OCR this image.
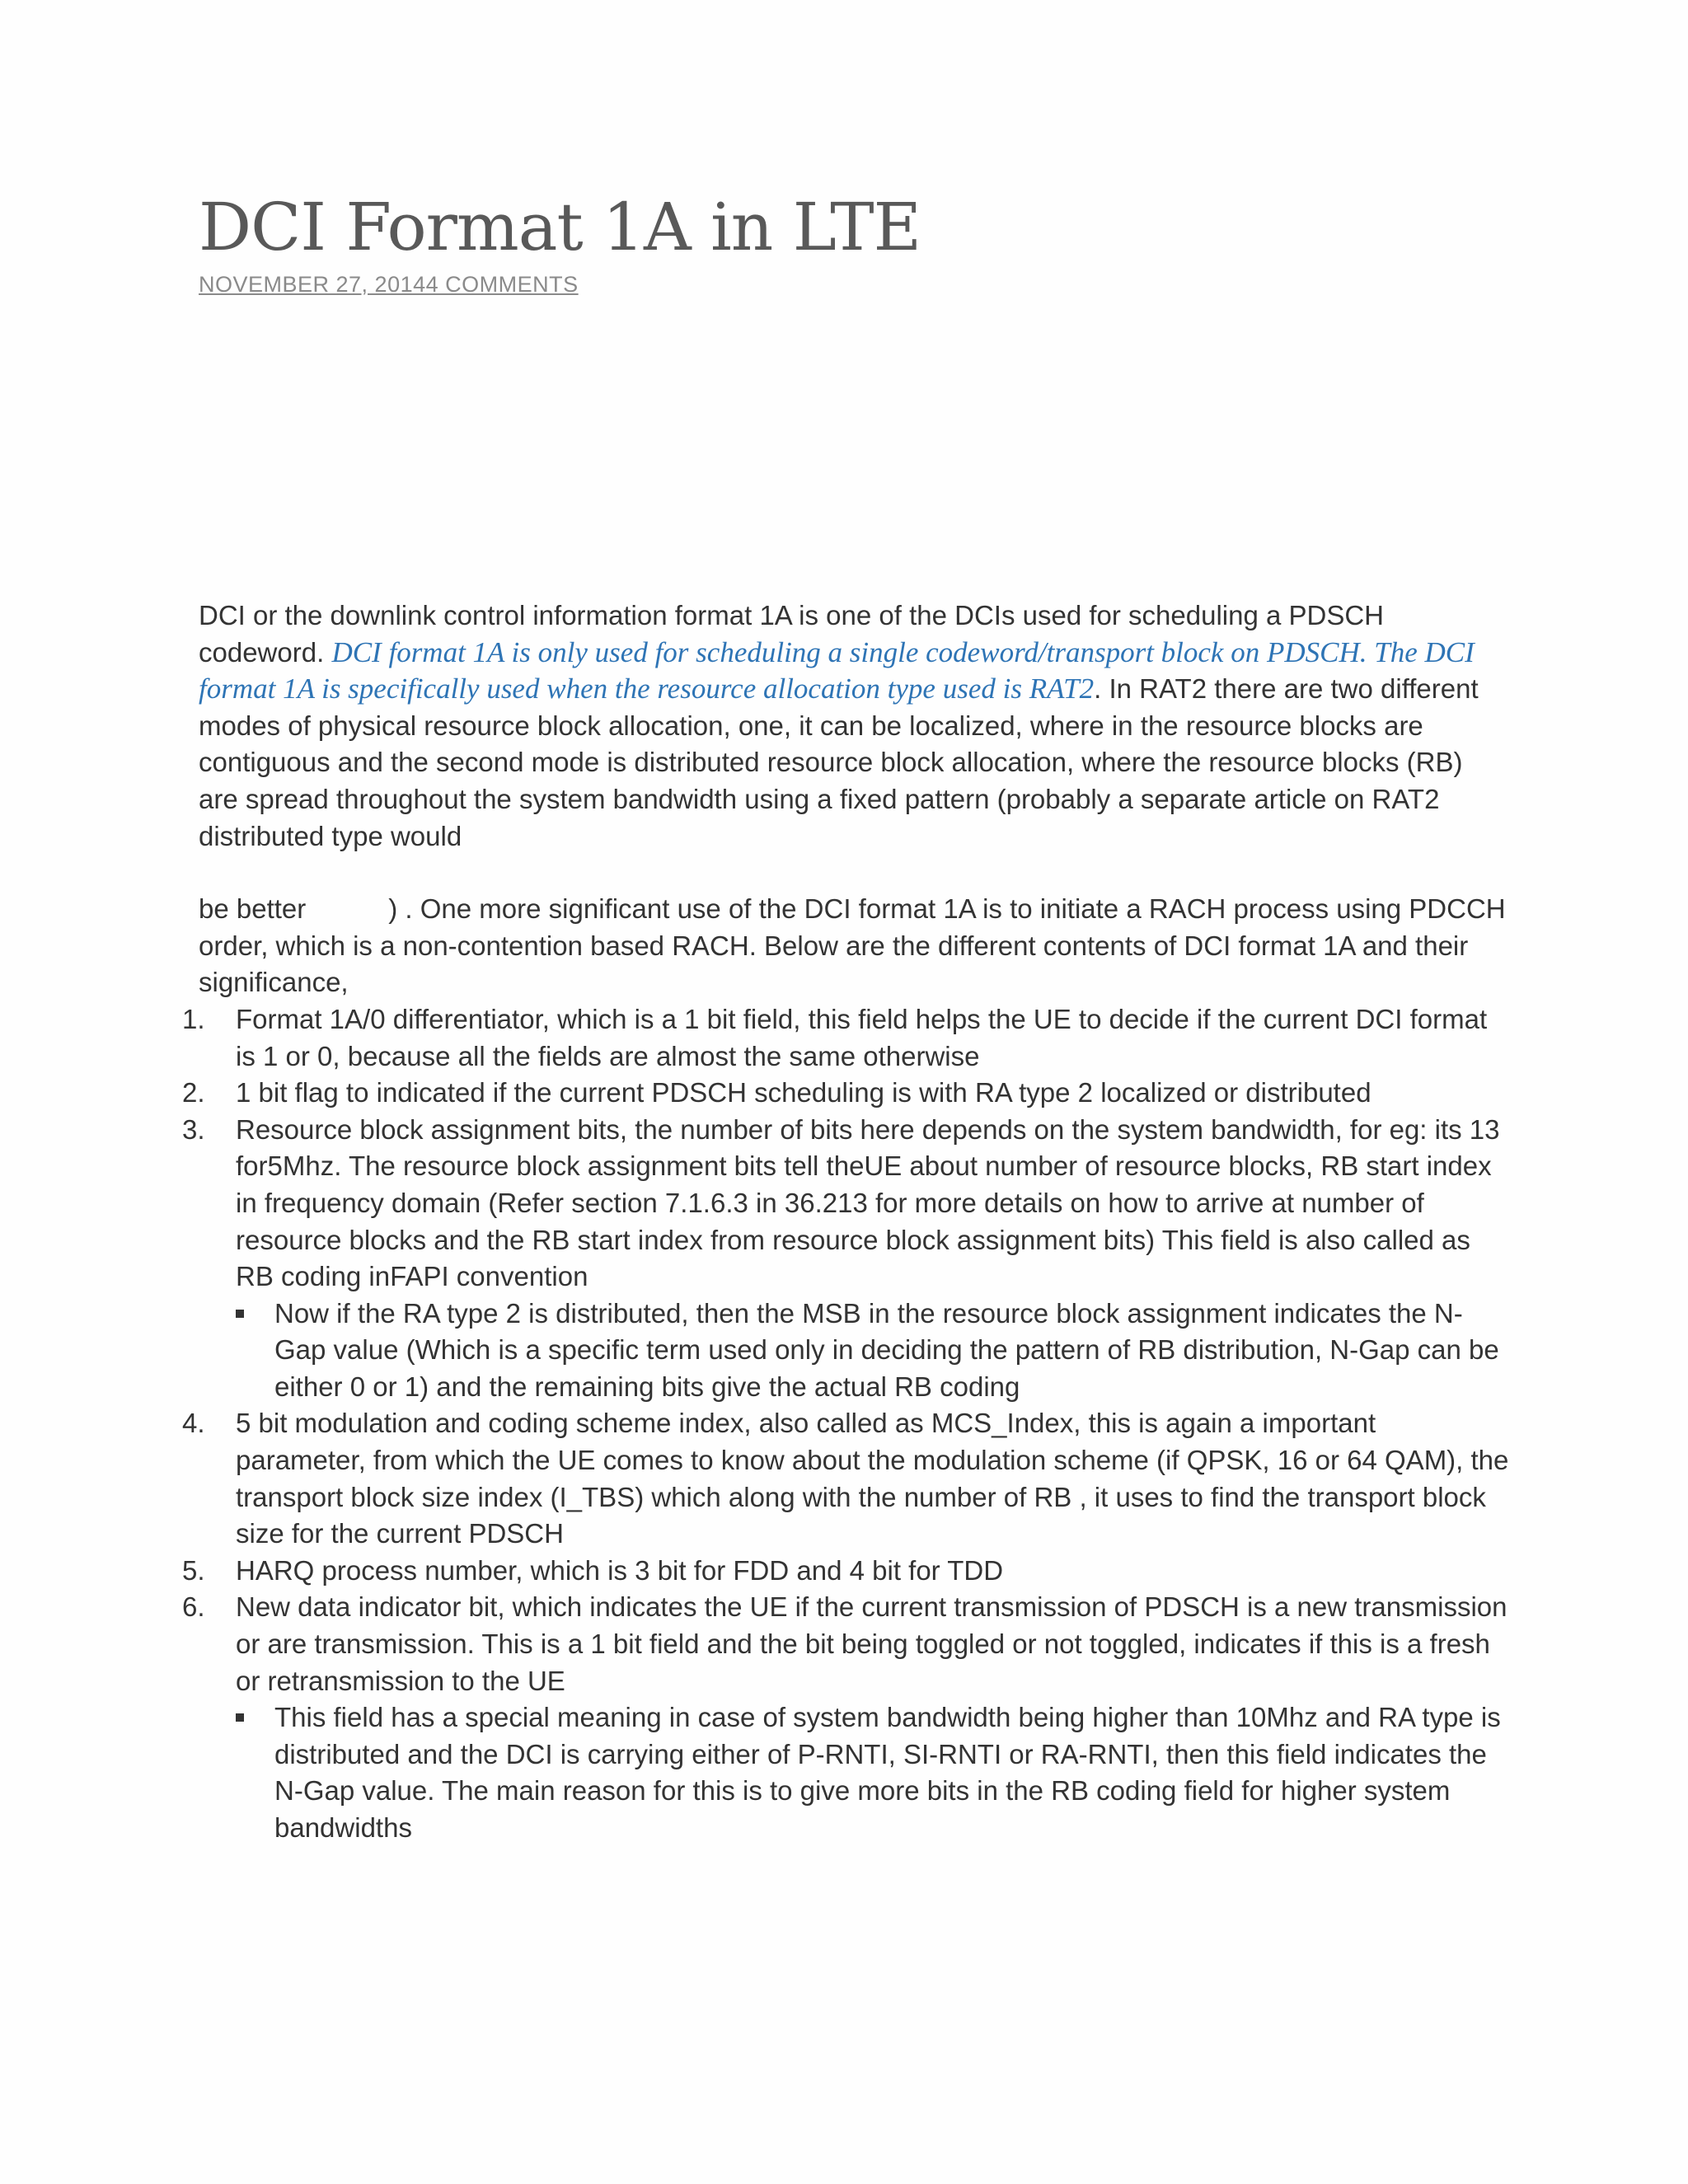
DCI Format 1A in LTE
NOVEMBER 27, 20144 COMMENTS

DCI or the downlink control information format 1A is one of the DCIs used for scheduling a PDSCH codeword. DCI format 1A is only used for scheduling a single codeword/transport block on PDSCH. The DCI format 1A is specifically used when the resource allocation type used is RAT2. In RAT2 there are two different modes of physical resource block allocation, one, it can be localized, where in the resource blocks are contiguous and the second mode is distributed resource block allocation, where the resource blocks (RB) are spread throughout the system bandwidth using a fixed pattern (probably a separate article on RAT2 distributed type would

be better	) . One more significant use of the DCI format 1A is to initiate a RACH process using PDCCH order, which is a non-contention based RACH. Below are the different contents of DCI format 1A and their significance,

1. Format 1A/0 differentiator, which is a 1 bit field, this field helps the UE to decide if the current DCI format is 1 or 0, because all the fields are almost the same otherwise
2. 1 bit flag to indicated if the current PDSCH scheduling is with RA type 2 localized or distributed
3. Resource block assignment bits, the number of bits here depends on the system bandwidth, for eg: its 13 for5Mhz. The resource block assignment bits tell theUE about number of resource blocks, RB start index in frequency domain (Refer section 7.1.6.3 in 36.213 for more details on how to arrive at number of resource blocks and the RB start index from resource block assignment bits) This field is also called as RB coding inFAPI convention
Now if the RA type 2 is distributed, then the MSB in the resource block assignment indicates the N-Gap value (Which is a specific term used only in deciding the pattern of RB distribution, N-Gap can be either 0 or 1) and the remaining bits give the actual RB coding
4. 5 bit modulation and coding scheme index, also called as MCS_Index, this is again a important parameter, from which the UE comes to know about the modulation scheme (if QPSK, 16 or 64 QAM), the transport block size index (I_TBS) which along with the number of RB , it uses to find the transport block size for the current PDSCH
5. HARQ process number, which is 3 bit for FDD and 4 bit for TDD
6. New data indicator bit, which indicates the UE if the current transmission of PDSCH is a new transmission or are transmission. This is a 1 bit field and the bit being toggled or not toggled, indicates if this is a fresh or retransmission to the UE
This field has a special meaning in case of system bandwidth being higher than 10Mhz and RA type is distributed and the DCI is carrying either of P-RNTI, SI-RNTI or RA-RNTI, then this field indicates the N-Gap value. The main reason for this is to give more bits in the RB coding field for higher system bandwidths
